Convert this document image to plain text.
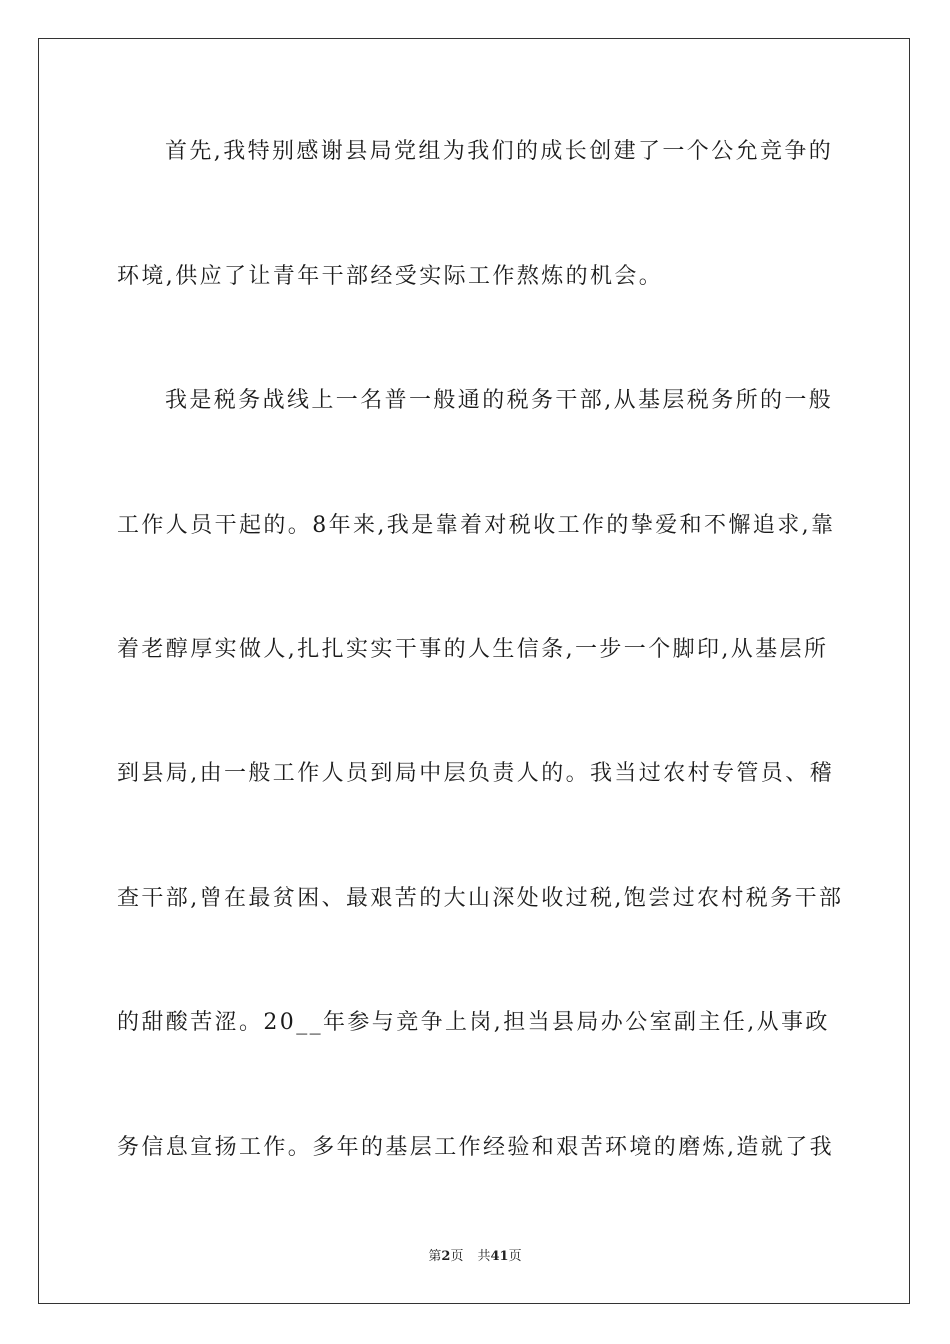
首先,我特别感谢县局党组为我们的成长创建了一个公允竞争的
环境,供应了让青年干部经受实际工作熬炼的机会。
我是税务战线上一名普一般通的税务干部,从基层税务所的一般
工作人员干起的。8年来,我是靠着对税收工作的挚爱和不懈追求,靠
着老醇厚实做人,扎扎实实干事的人生信条,一步一个脚印,从基层所
到县局,由一般工作人员到局中层负责人的。我当过农村专管员、稽
查干部,曾在最贫困、最艰苦的大山深处收过税,饱尝过农村税务干部
的甜酸苦涩。20__年参与竞争上岗,担当县局办公室副主任,从事政
务信息宣扬工作。多年的基层工作经验和艰苦环境的磨炼,造就了我
第2页 共41页
